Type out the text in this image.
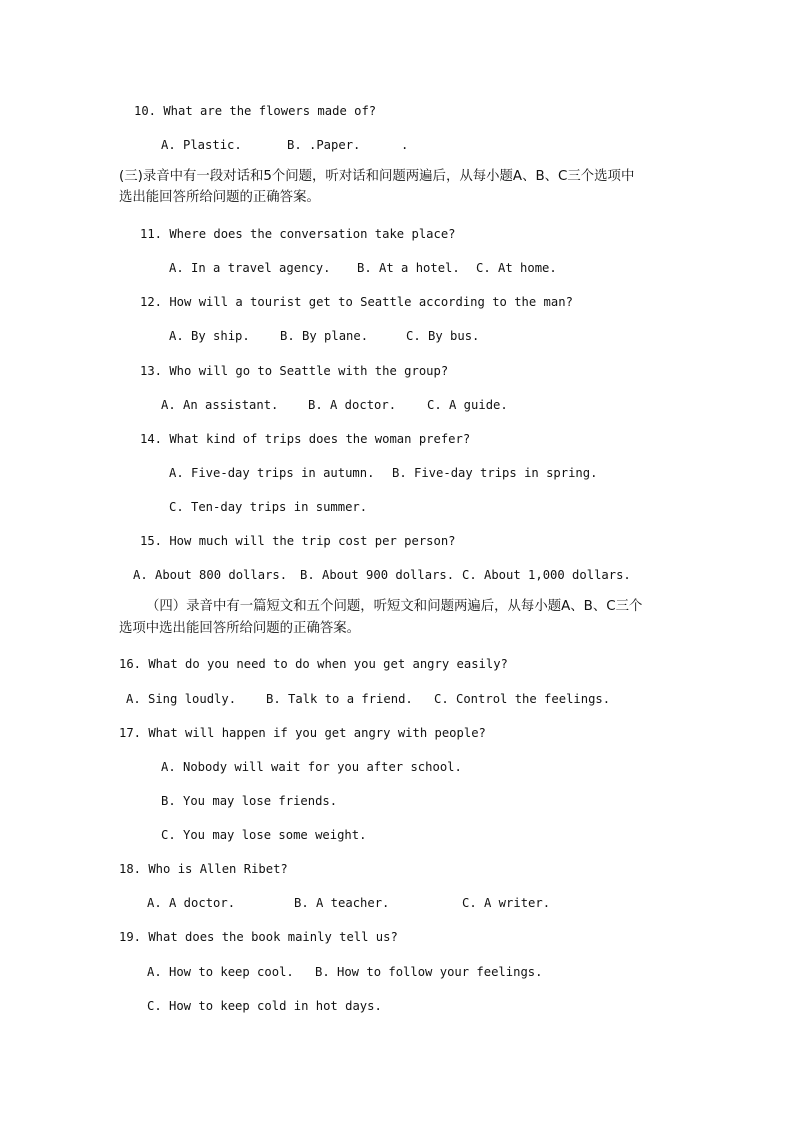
10. What are the flowers made of?
A. Plastic.	B. .Paper.	.
(三)录音中有一段对话和5个问题，听对话和问题两遍后，从每小题A、B、C三个选项中
选出能回答所给问题的正确答案。
11. Where does the conversation take place?
A. In a travel agency. B. At a hotel. C. At home.
12. How will a tourist get to Seattle according to the man?
A. By ship. B. By plane.	C. By bus.
13. Who will go to Seattle with the group?
A. An assistant. B. A doctor.	C. A guide.
14. What kind of trips does the woman prefer?
A. Five-day trips in autumn. B. Five-day trips in spring.
C. Ten-day trips in summer.
15. How much will the trip cost per person?
A. About 800 dollars. B. About 900 dollars. C. About 1,000 dollars.
（四）录音中有一篇短文和五个问题，听短文和问题两遍后，从每小题A、B、C三个
选项中选出能回答所给问题的正确答案。
16. What do you need to do when you get angry easily?
A. Sing loudly. B. Talk to a friend. C. Control the feelings.
17. What will happen if you get angry with people?
A. Nobody will wait for you after school.
B. You may lose friends.
C. You may lose some weight.
18. Who is Allen Ribet?
A. A doctor.	B. A teacher.	C. A writer.
19. What does the book mainly tell us?
A. How to keep cool. B. How to follow your feelings.
C. How to keep cold in hot days.
